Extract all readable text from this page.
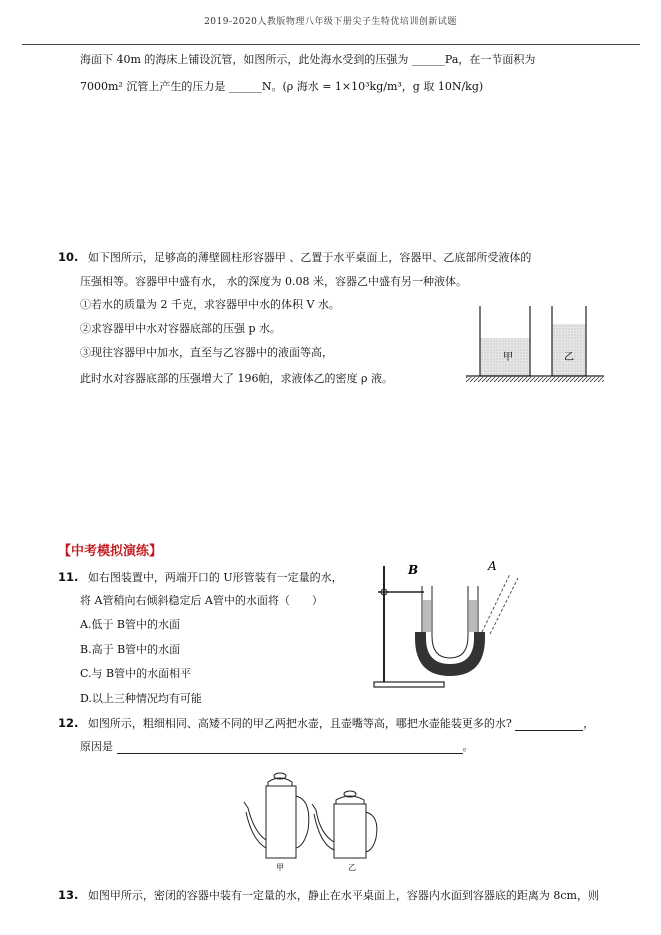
2019-2020人教版物理八年级下册尖子生特优培训创新试题
海面下 40m 的海床上铺设沉管，如图所示，此处海水受到的压强为 ______Pa，在一节面积为
7000m² 沉管上产生的压力是 ______N。(ρ 海水 = 1×10³kg/m³，g 取 10N/kg)
10. 如下图所示，足够高的薄壁圆柱形容器甲 、乙置于水平桌面上，容器甲、乙底部所受液体的
压强相等。容器甲中盛有水， 水的深度为 0.08 米，容器乙中盛有另一种液体。
①若水的质量为 2 千克，求容器甲中水的体积 V 水。
②求容器甲中水对容器底部的压强 p 水。
③现往容器甲中加水，直至与乙容器中的液面等高，
此时水对容器底部的压强增大了 196帕，求液体乙的密度 ρ 液。
甲	乙
【中考模拟演练】
11. 如右图装置中，两端开口的 U形管装有一定量的水，
将 A管稍向右倾斜稳定后 A管中的水面将（　　）
A.低于 B管中的水面
B.高于 B管中的水面
C.与 B管中的水面相平
D.以上三种情况均有可能
B	A
12. 如图所示，粗细相同、高矮不同的甲乙两把水壶，且壶嘴等高，哪把水壶能装更多的水?	，
原因是	。
甲	乙
13. 如图甲所示，密闭的容器中装有一定量的水，静止在水平桌面上，容器内水面到容器底的距离为 8cm，则
